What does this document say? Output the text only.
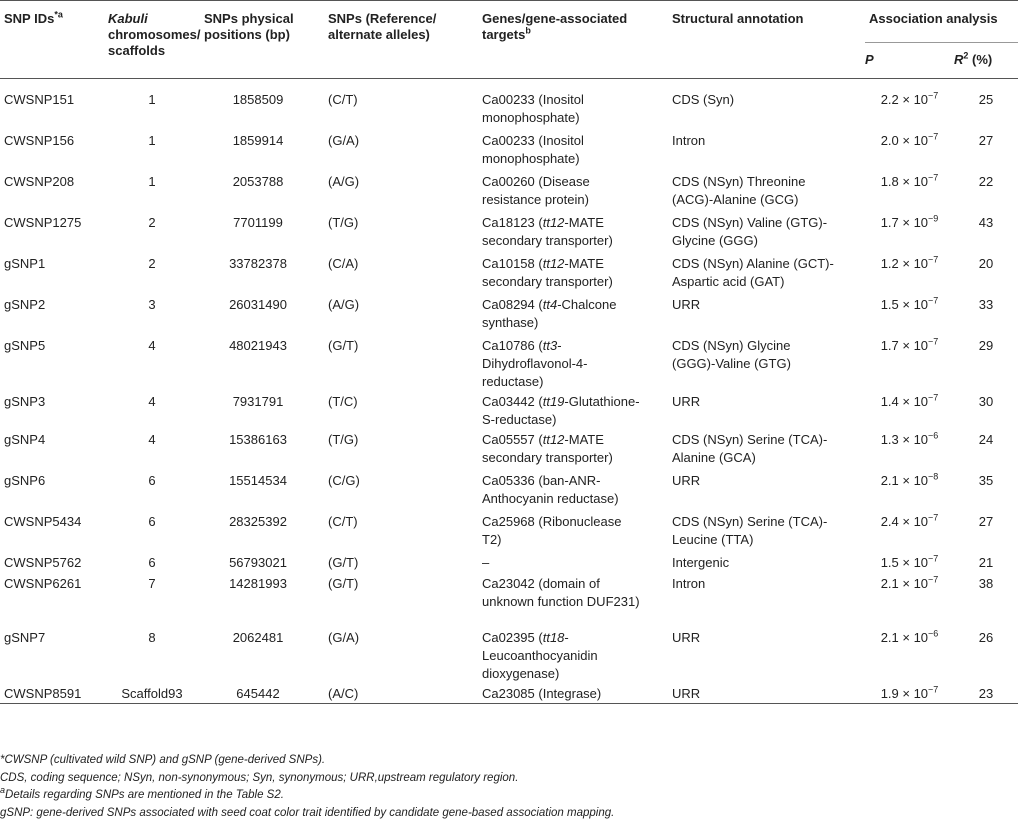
SNP IDs$^{*a}$	Kabuli chromosomes/ scaffolds	SNPs physical positions (bp)	SNPs (Reference/ alternate alleles)	Genes/gene-associated targets$^b$	Structural annotation	Association analysis	
						P	$R^2$ (%)

CWSNP151	1	1858509	(C/T)	Ca00233 (Inositol monophosphate)	CDS (Syn)	$2.2 \times 10^{-7}$	25
CWSNP156	1	1859914	(G/A)	Ca00233 (Inositol monophosphate)	Intron	$2.0 \times 10^{-7}$	27
CWSNP208	1	2053788	(A/G)	Ca00260 (Disease resistance protein)	CDS (NSyn) Threonine (ACG)-Alanine (GCG)	$1.8 \times 10^{-7}$	22
CWSNP1275	2	7701199	(T/G)	Ca18123 (tt12-MATE secondary transporter)	CDS (NSyn) Valine (GTG)-Glycine (GGG)	$1.7 \times 10^{-9}$	43
gSNP1	2	33782378	(C/A)	Ca10158 (tt12-MATE secondary transporter)	CDS (NSyn) Alanine (GCT)-Aspartic acid (GAT)	$1.2 \times 10^{-7}$	20
gSNP2	3	26031490	(A/G)	Ca08294 (tt4-Chalcone synthase)	URR	$1.5 \times 10^{-7}$	33
gSNP5	4	48021943	(G/T)	Ca10786 (tt3-Dihydroflavonol-4-reductase)	CDS (NSyn) Glycine (GGG)-Valine (GTG)	$1.7 \times 10^{-7}$	29
gSNP3	4	7931791	(T/C)	Ca03442 (tt19-Glutathione-S-reductase)	URR	$1.4 \times 10^{-7}$	30
gSNP4	4	15386163	(T/G)	Ca05557 (tt12-MATE secondary transporter)	CDS (NSyn) Serine (TCA)-Alanine (GCA)	$1.3 \times 10^{-6}$	24
gSNP6	6	15514534	(C/G)	Ca05336 (ban-ANR-Anthocyanin reductase)	URR	$2.1 \times 10^{-8}$	35
CWSNP5434	6	28325392	(C/T)	Ca25968 (Ribonuclease T2)	CDS (NSyn) Serine (TCA)-Leucine (TTA)	$2.4 \times 10^{-7}$	27
CWSNP5762	6	56793021	(G/T)	–	Intergenic	$1.5 \times 10^{-7}$	21
CWSNP6261	7	14281993	(G/T)	Ca23042 (domain of unknown function DUF231)	Intron	$2.1 \times 10^{-7}$	38
gSNP7	8	2062481	(G/A)	Ca02395 (tt18-Leucoanthocyanidin dioxygenase)	URR	$2.1 \times 10^{-6}$	26
CWSNP8591	Scaffold93	645442	(A/C)	Ca23085 (Integrase)	URR	$1.9 \times 10^{-7}$	23
*CWSNP (cultivated wild SNP) and gSNP (gene-derived SNPs).
CDS, coding sequence; NSyn, non-synonymous; Syn, synonymous; URR,upstream regulatory region.
$^a$Details regarding SNPs are mentioned in the Table S2.
gSNP: gene-derived SNPs associated with seed coat color trait identified by candidate gene-based association mapping.
